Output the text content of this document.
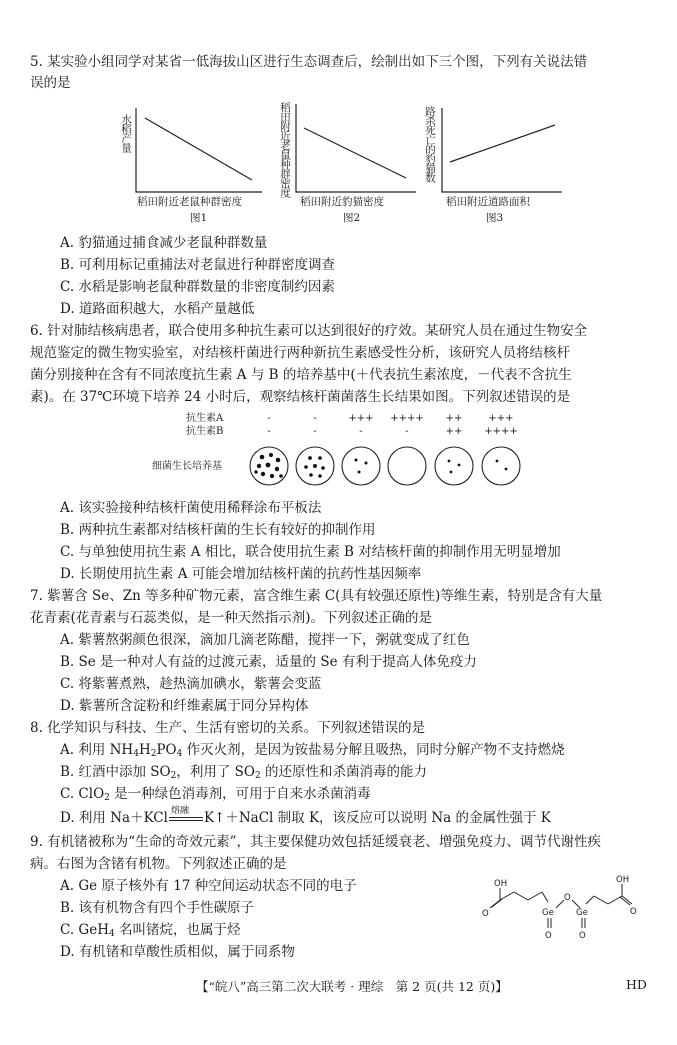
5. 某实验小组同学对某省一低海拔山区进行生态调查后，绘制出如下三个图，下列有关说法错
误的是
水稻产量
稻田附近老鼠种群密度
图1
稻田附近老鼠种群密度
稻田附近豹猫密度
图2
路杀死亡的豹猫数
稻田附近道路面积
图3
A. 豹猫通过捕食减少老鼠种群数量
B. 可利用标记重捕法对老鼠进行种群密度调查
C. 水稻是影响老鼠种群数量的非密度制约因素
D. 道路面积越大，水稻产量越低
6. 针对肺结核病患者，联合使用多种抗生素可以达到很好的疗效。某研究人员在通过生物安全
规范鉴定的微生物实验室，对结核杆菌进行两种新抗生素感受性分析，该研究人员将结核杆
菌分别接种在含有不同浓度抗生素 A 与 B 的培养基中(＋代表抗生素浓度，－代表不含抗生
素)。在 37℃环境下培养 24 小时后，观察结核杆菌菌落生长结果如图。下列叙述错误的是
抗生素A
抗生素B
细菌生长培养基
-	-	+++	++++	++	+++
-	-	-	-	++	++++
A. 该实验接种结核杆菌使用稀释涂布平板法
B. 两种抗生素都对结核杆菌的生长有较好的抑制作用
C. 与单独使用抗生素 A 相比，联合使用抗生素 B 对结核杆菌的抑制作用无明显增加
D. 长期使用抗生素 A 可能会增加结核杆菌的抗药性基因频率
7. 紫薯含 Se、Zn 等多种矿物元素，富含维生素 C(具有较强还原性)等维生素，特别是含有大量
花青素(花青素与石蕊类似，是一种天然指示剂)。下列叙述正确的是
A. 紫薯熬粥颜色很深，滴加几滴老陈醋，搅拌一下，粥就变成了红色
B. Se 是一种对人有益的过渡元素，适量的 Se 有利于提高人体免疫力
C. 将紫薯煮熟，趁热滴加碘水，紫薯会变蓝
D. 紫薯所含淀粉和纤维素属于同分异构体
8. 化学知识与科技、生产、生活有密切的关系。下列叙述错误的是
A. 利用 $NH_4H_2PO_4$ 作灭火剂，是因为铵盐易分解且吸热，同时分解产物不支持燃烧
B. 红酒中添加 $SO_2$，利用了 $SO_2$ 的还原性和杀菌消毒的能力
C. ClO$_2$ 是一种绿色消毒剂，可用于自来水杀菌消毒
D. 利用 Na＋KCl 熔融 K↑＋NaCl 制取 K，该反应可以说明 Na 的金属性强于 K
9. 有机锗被称为“生命的奇效元素”，其主要保健功效包括延缓衰老、增强免疫力、调节代谢性疾
病。右图为含锗有机物。下列叙述正确的是
A. Ge 原子核外有 17 种空间运动状态不同的电子
B. 该有机物含有四个手性碳原子
C. GeH$_4$ 名叫锗烷，也属于烃
D. 有机锗和草酸性质相似，属于同系物
OH
O	Ge
O
O
Ge
O
OH
O
【“皖八”高三第二次大联考 · 理综　第 2 页(共 12 页)】	HD
